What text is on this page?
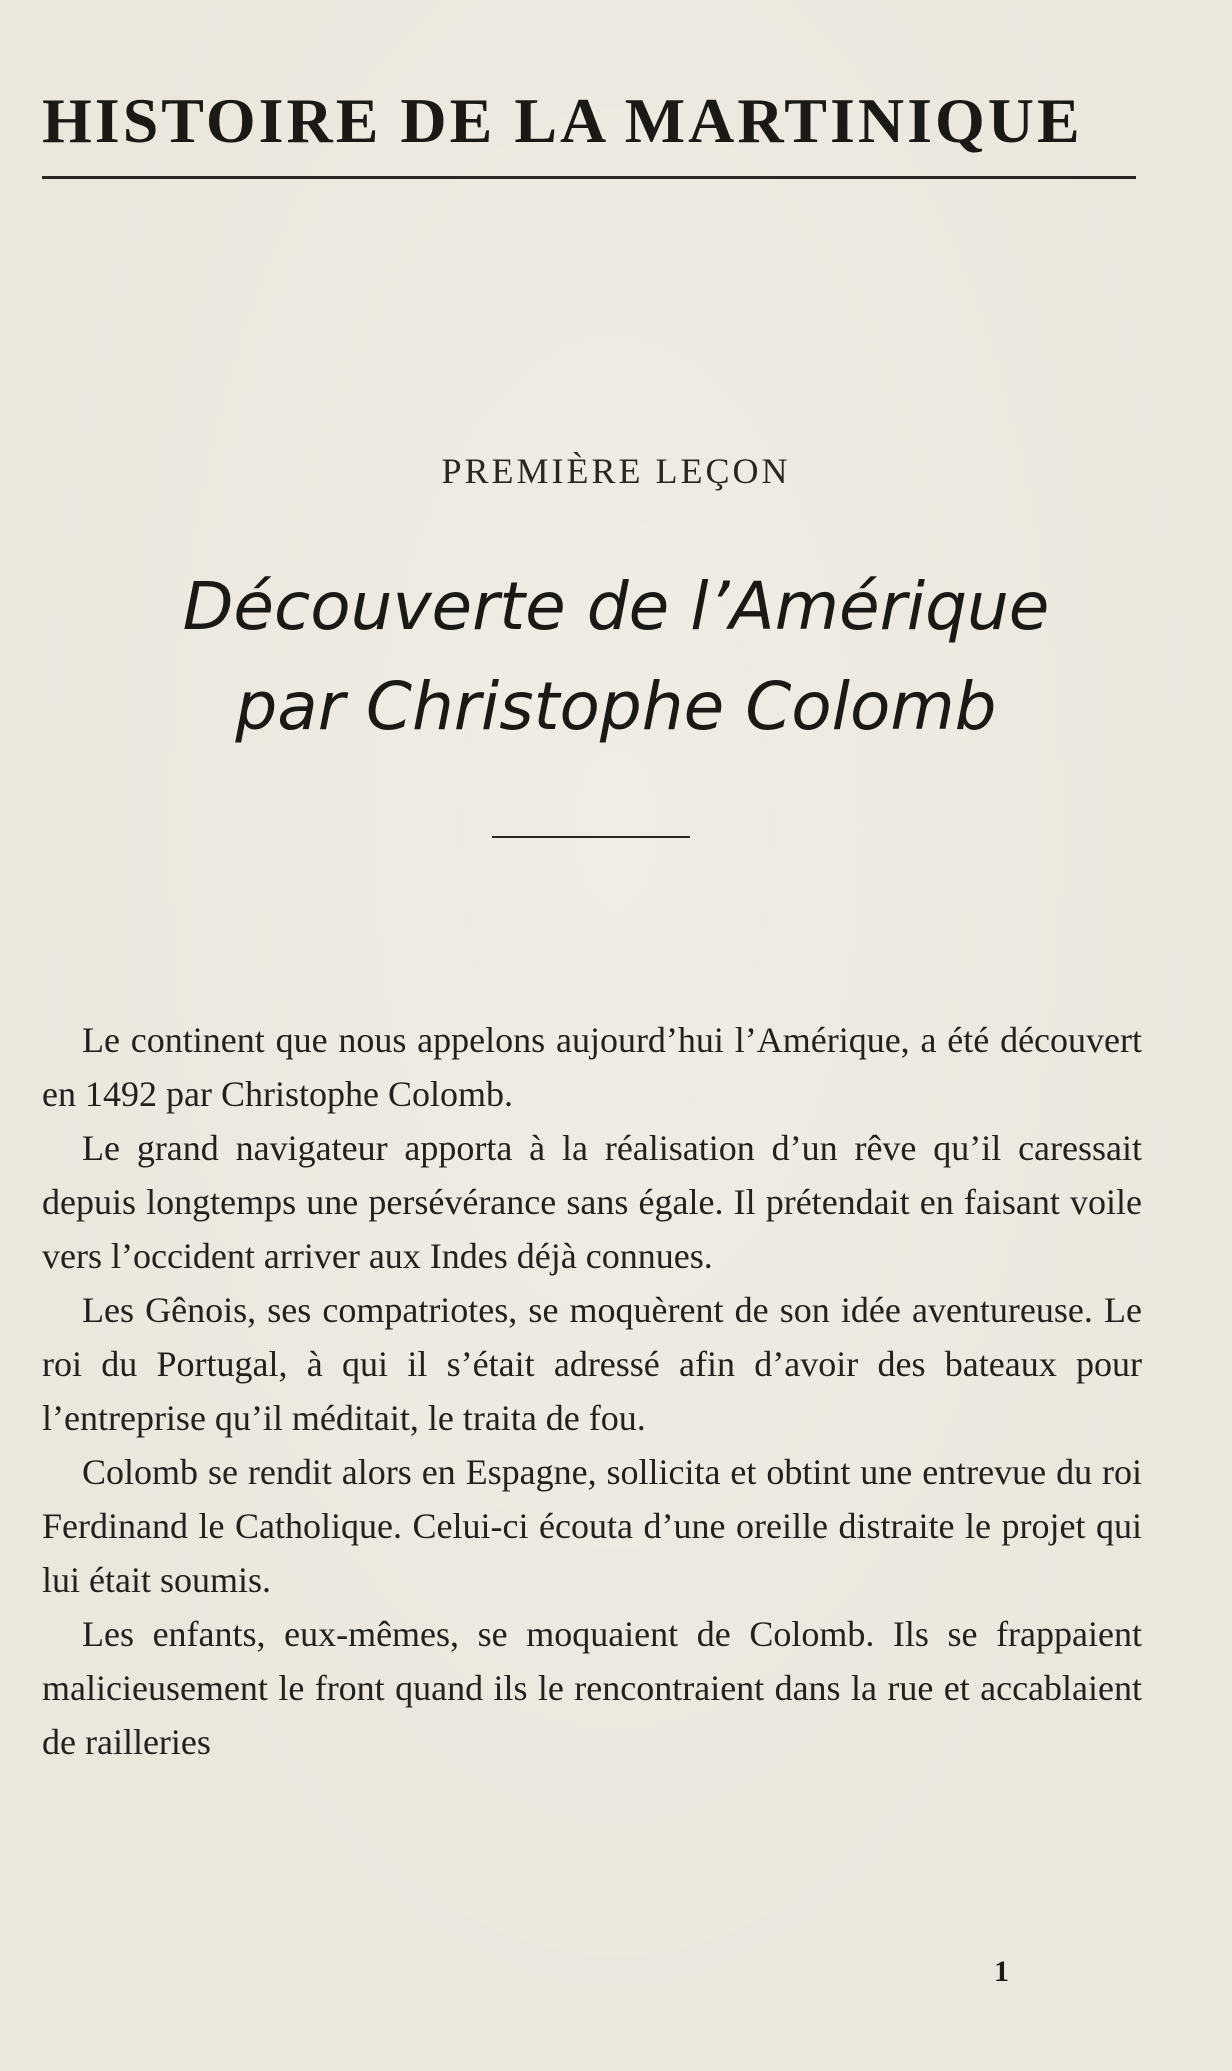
HISTOIRE DE LA MARTINIQUE
PREMIÈRE LEÇON
Découverte de l’Amérique
par Christophe Colomb

Le continent que nous appelons aujourd’hui l’Amérique, a été découvert en 1492 par Christophe Colomb.

Le grand navigateur apporta à la réalisation d’un rêve qu’il caressait depuis longtemps une persévérance sans égale. Il prétendait en faisant voile vers l’occident arriver aux Indes déjà connues.

Les Gênois, ses compatriotes, se moquèrent de son idée aventureuse. Le roi du Portugal, à qui il s’était adressé afin d’avoir des bateaux pour l’entreprise qu’il méditait, le traita de fou.

Colomb se rendit alors en Espagne, sollicita et obtint une entrevue du roi Ferdinand le Catholique. Celui-ci écouta d’une oreille distraite le projet qui lui était soumis.

Les enfants, eux-mêmes, se moquaient de Colomb. Ils se frappaient malicieusement le front quand ils le rencontraient dans la rue et accablaient de railleries

1
